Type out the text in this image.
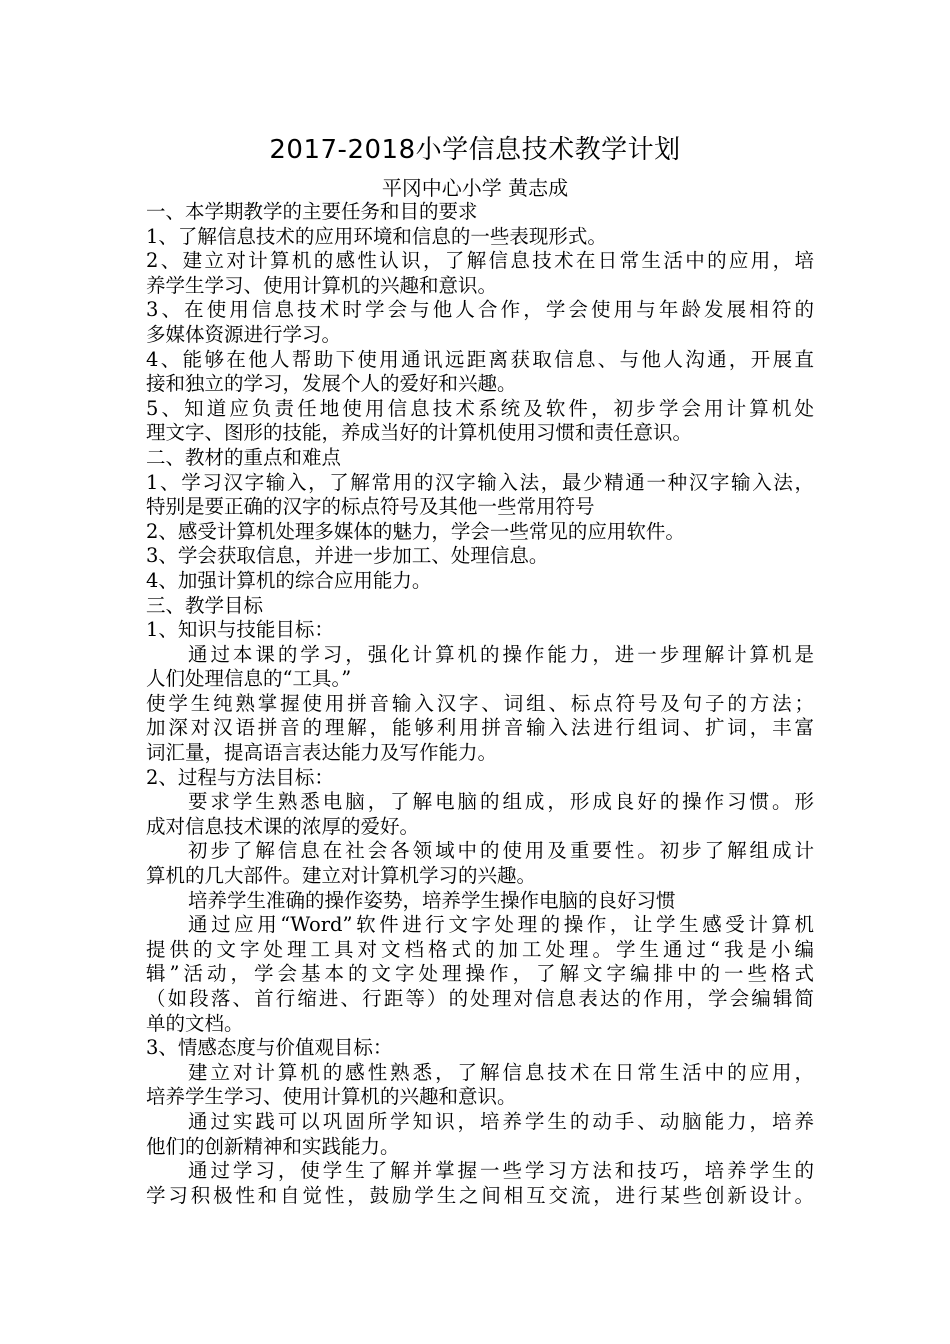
2017-2018小学信息技术教学计划
平冈中心小学 黄志成
一、本学期教学的主要任务和目的要求
1、了解信息技术的应用环境和信息的一些表现形式。
2、建立对计算机的感性认识，了解信息技术在日常生活中的应用，培
养学生学习、使用计算机的兴趣和意识。
3、在使用信息技术时学会与他人合作，学会使用与年龄发展相符的
多媒体资源进行学习。
4、能够在他人帮助下使用通讯远距离获取信息、与他人沟通，开展直
接和独立的学习，发展个人的爱好和兴趣。
5、知道应负责任地使用信息技术系统及软件，初步学会用计算机处
理文字、图形的技能，养成当好的计算机使用习惯和责任意识。
二、教材的重点和难点
1、学习汉字输入，了解常用的汉字输入法，最少精通一种汉字输入法，
特别是要正确的汉字的标点符号及其他一些常用符号
2、感受计算机处理多媒体的魅力，学会一些常见的应用软件。
3、学会获取信息，并进一步加工、处理信息。
4、加强计算机的综合应用能力。
三、教学目标
1、知识与技能目标：
通过本课的学习，强化计算机的操作能力，进一步理解计算机是
人们处理信息的“工具。”
使学生纯熟掌握使用拼音输入汉字、词组、标点符号及句子的方法；
加深对汉语拼音的理解，能够利用拼音输入法进行组词、扩词，丰富
词汇量，提高语言表达能力及写作能力。
2、过程与方法目标：
要求学生熟悉电脑，了解电脑的组成，形成良好的操作习惯。形
成对信息技术课的浓厚的爱好。
初步了解信息在社会各领域中的使用及重要性。初步了解组成计
算机的几大部件。建立对计算机学习的兴趣。
培养学生准确的操作姿势，培养学生操作电脑的良好习惯
通过应用“Word”软件进行文字处理的操作，让学生感受计算机
提供的文字处理工具对文档格式的加工处理。学生通过“我是小编
辑”活动，学会基本的文字处理操作，了解文字编排中的一些格式
（如段落、首行缩进、行距等）的处理对信息表达的作用，学会编辑简
单的文档。
3、情感态度与价值观目标：
建立对计算机的感性熟悉，了解信息技术在日常生活中的应用，
培养学生学习、使用计算机的兴趣和意识。
通过实践可以巩固所学知识，培养学生的动手、动脑能力，培养
他们的创新精神和实践能力。
通过学习，使学生了解并掌握一些学习方法和技巧，培养学生的
学习积极性和自觉性，鼓励学生之间相互交流，进行某些创新设计。
